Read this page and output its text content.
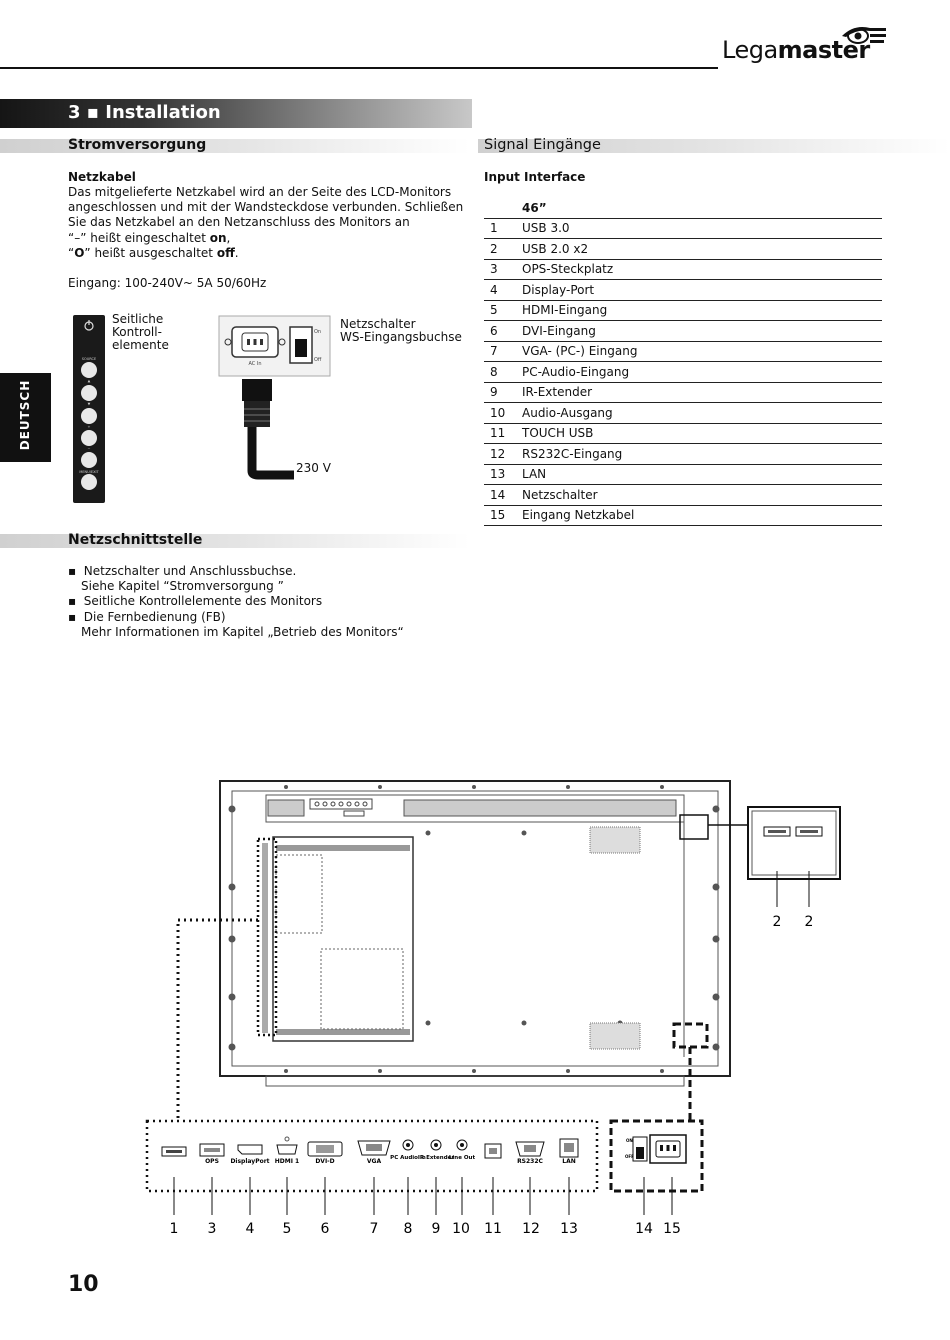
Legamaster
3 ▪ Installation
DEUTSCH
Stromversorgung
Netzkabel
Das mitgelieferte Netzkabel wird an der Seite des LCD-Monitors
angeschlossen und mit der Wandsteckdose verbunden. Schließen
Sie das Netzkabel an den Netzanschluss des Monitors an
“–” heißt eingeschaltet on,
“O” heißt ausgeschaltet off.
Eingang: 100-240V~ 5A 50/60Hz
SOURCE
▲
▼
+
−
MENU/EXIT
Seitliche
Kontroll-
elemente
AC In
On
Off
230 V
Netzschalter
WS-Eingangsbuchse
Netzschnittstelle
▪  Netzschalter und Anschlussbuchse.
Siehe Kapitel “Stromversorgung ”
▪  Seitliche Kontrollelemente des Monitors
▪  Die Fernbedienung (FB)
Mehr Informationen im Kapitel „Betrieb des Monitors“
Signal Eingänge
Input Interface
	46”
1	USB 3.0
2	USB 2.0 x2
3	OPS-Steckplatz
4	Display-Port
5	HDMI-Eingang
6	DVI-Eingang
7	VGA- (PC-) Eingang
8	PC-Audio-Eingang
9	IR-Extender
10	Audio-Ausgang
11	TOUCH USB
12	RS232C-Eingang
13	LAN
14	Netzschalter
15	Eingang Netzkabel
2 2
OPS DisplayPort HDMI 1	DVI-D	VGA PC Audio In
IR Extender
Line Out	RS232C	LAN
ON
OFF
1 3 4 5 6	7 8 9 10 11 12 13	14 15
10
